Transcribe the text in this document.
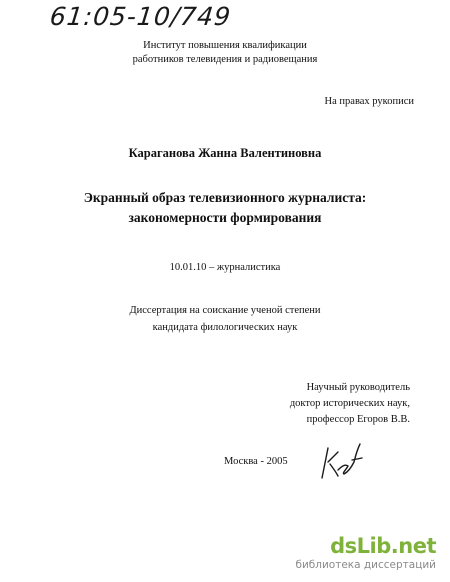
61:05-10/749
Институт повышения квалификации
работников телевидения и радиовещания
На правах рукописи
Караганова Жанна Валентиновна
Экранный образ телевизионного журналиста:
закономерности формирования
10.01.10 – журналистика
Диссертация на соискание ученой степени
кандидата филологических наук
Научный руководитель
доктор исторических наук,
профессор Егоров В.В.
Москва - 2005
dsLib.net
библиотека диссертаций
